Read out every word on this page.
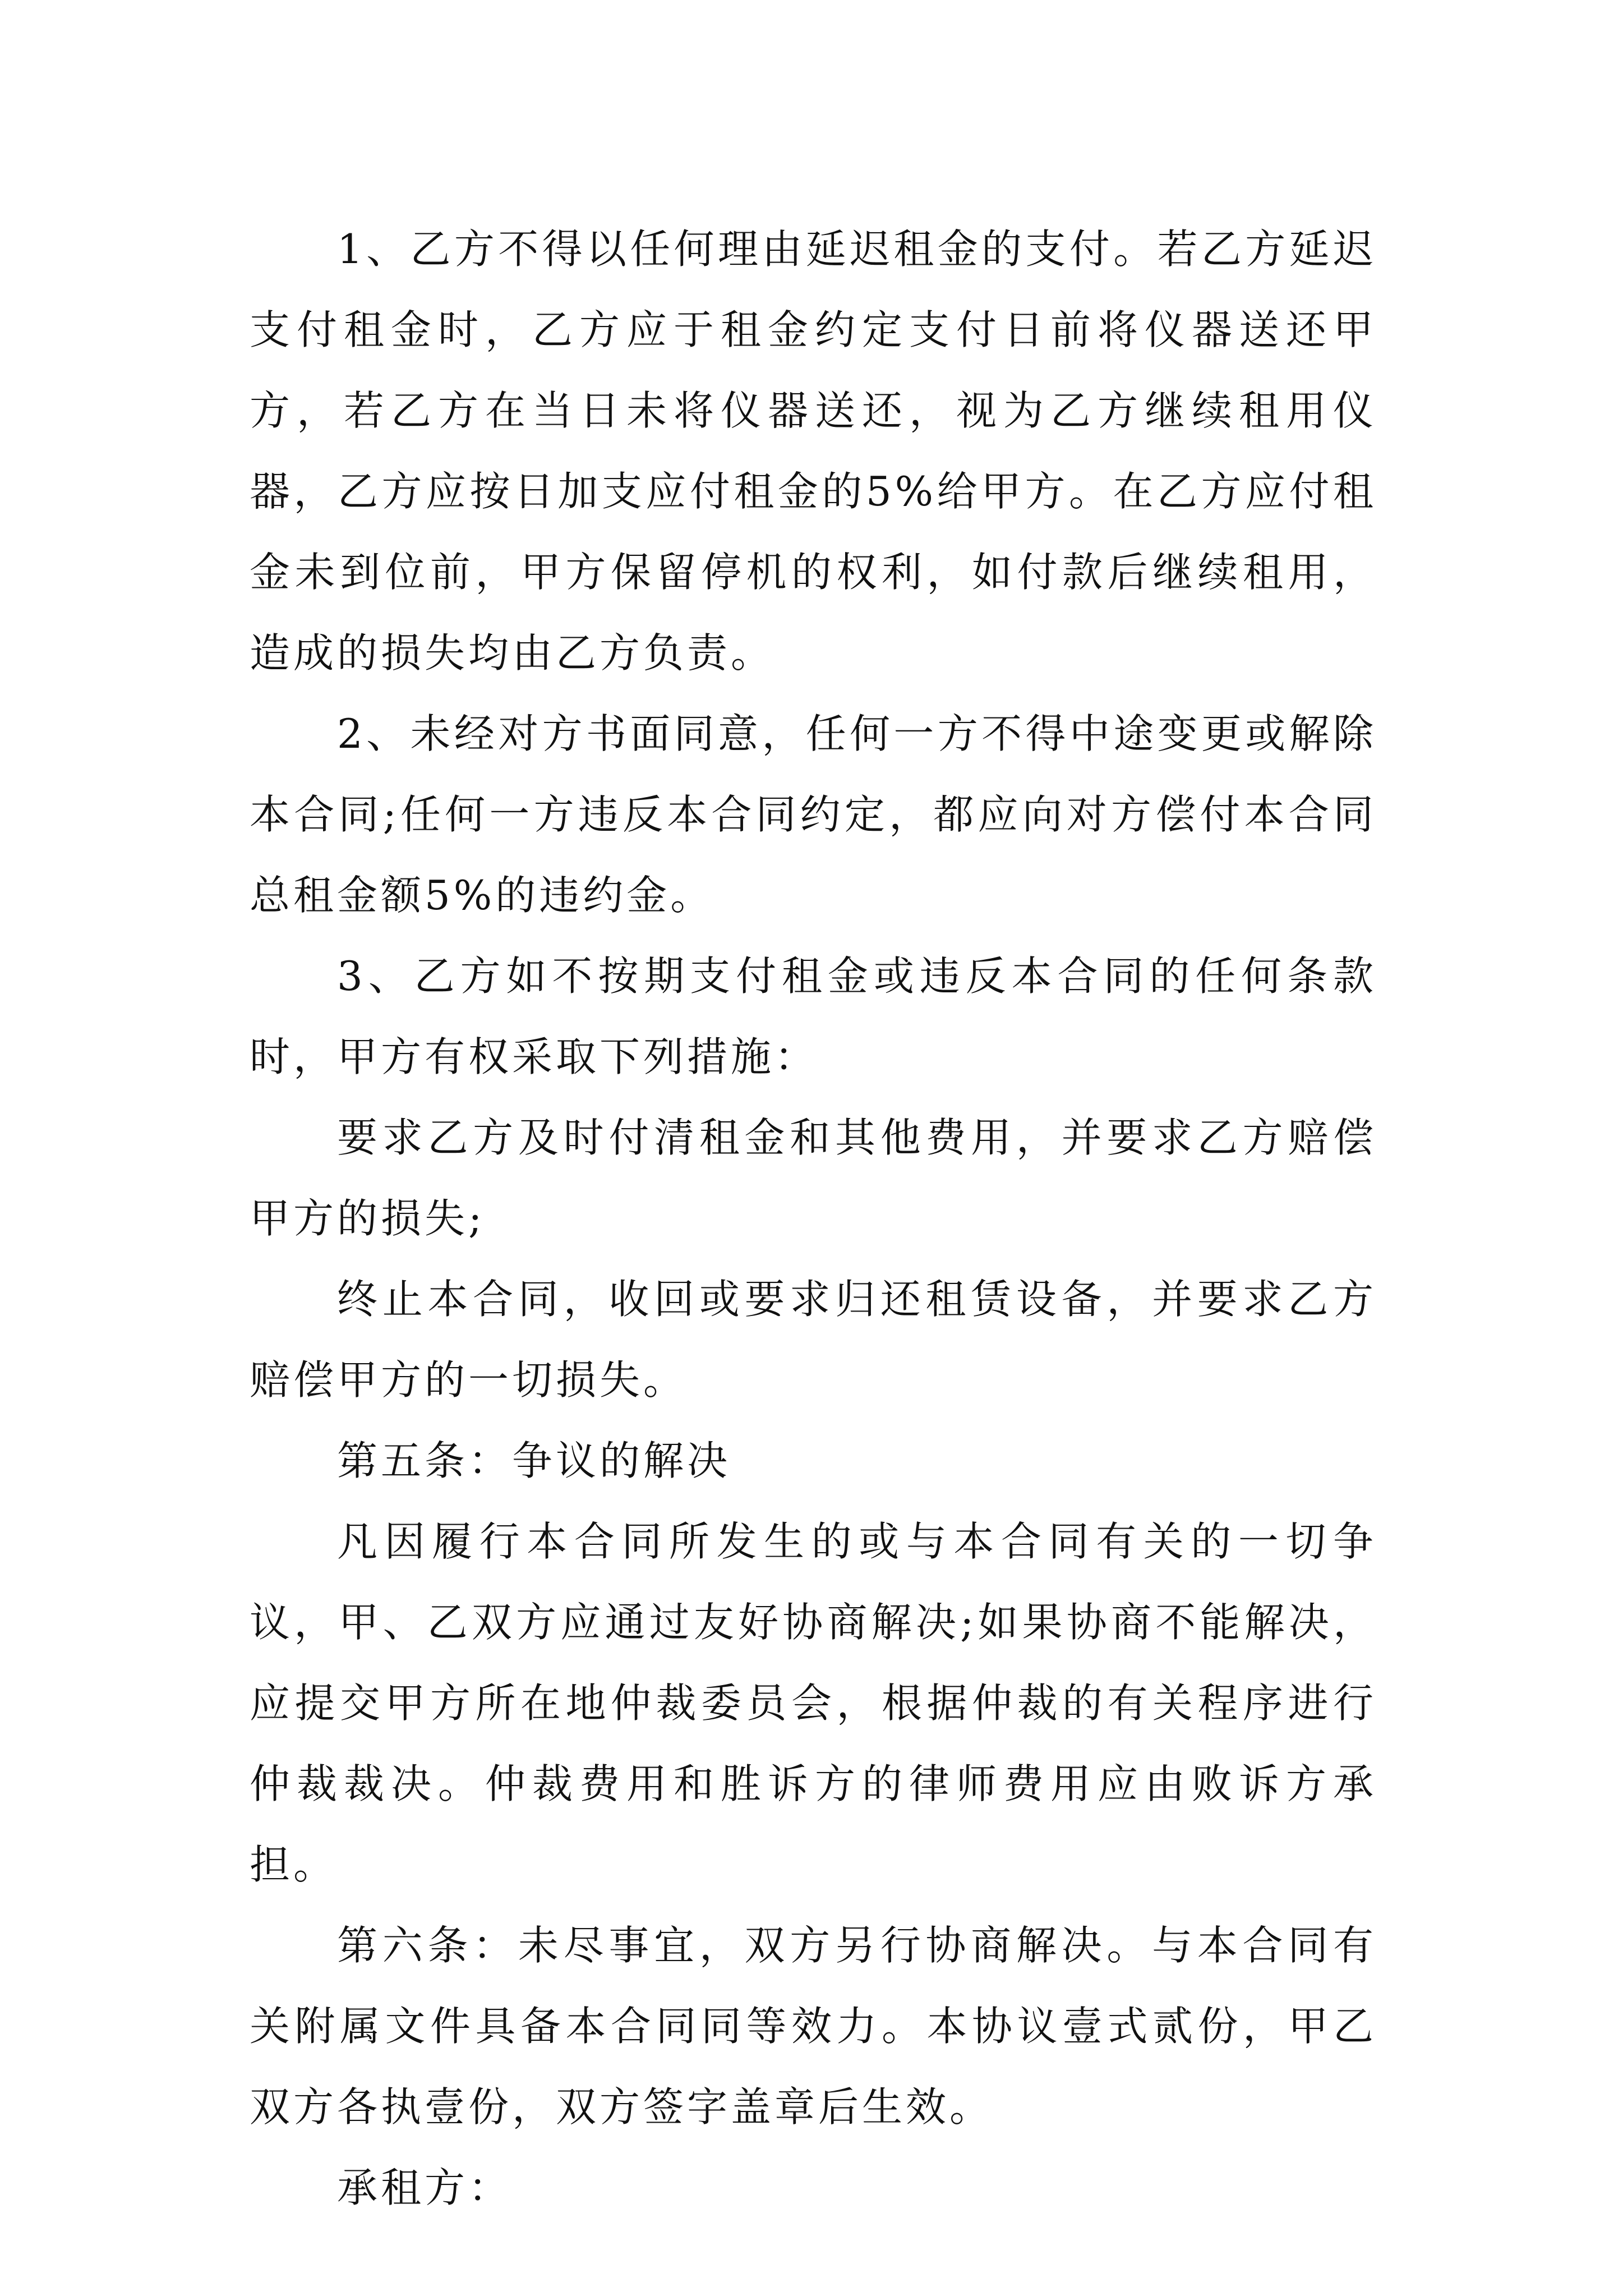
1、乙方不得以任何理由延迟租金的支付。若乙方延迟支付租金时，乙方应于租金约定支付日前将仪器送还甲方，若乙方在当日未将仪器送还，视为乙方继续租用仪器，乙方应按日加支应付租金的5%给甲方。在乙方应付租金未到位前，甲方保留停机的权利，如付款后继续租用，造成的损失均由乙方负责。

2、未经对方书面同意，任何一方不得中途变更或解除本合同;任何一方违反本合同约定，都应向对方偿付本合同总租金额5%的违约金。

3、乙方如不按期支付租金或违反本合同的任何条款时，甲方有权采取下列措施：

要求乙方及时付清租金和其他费用，并要求乙方赔偿甲方的损失;

终止本合同，收回或要求归还租赁设备，并要求乙方赔偿甲方的一切损失。

第五条：争议的解决

凡因履行本合同所发生的或与本合同有关的一切争议，甲、乙双方应通过友好协商解决;如果协商不能解决，应提交甲方所在地仲裁委员会，根据仲裁的有关程序进行仲裁裁决。仲裁费用和胜诉方的律师费用应由败诉方承担。

第六条：未尽事宜，双方另行协商解决。与本合同有关附属文件具备本合同同等效力。本协议壹式贰份，甲乙双方各执壹份，双方签字盖章后生效。

承租方：
